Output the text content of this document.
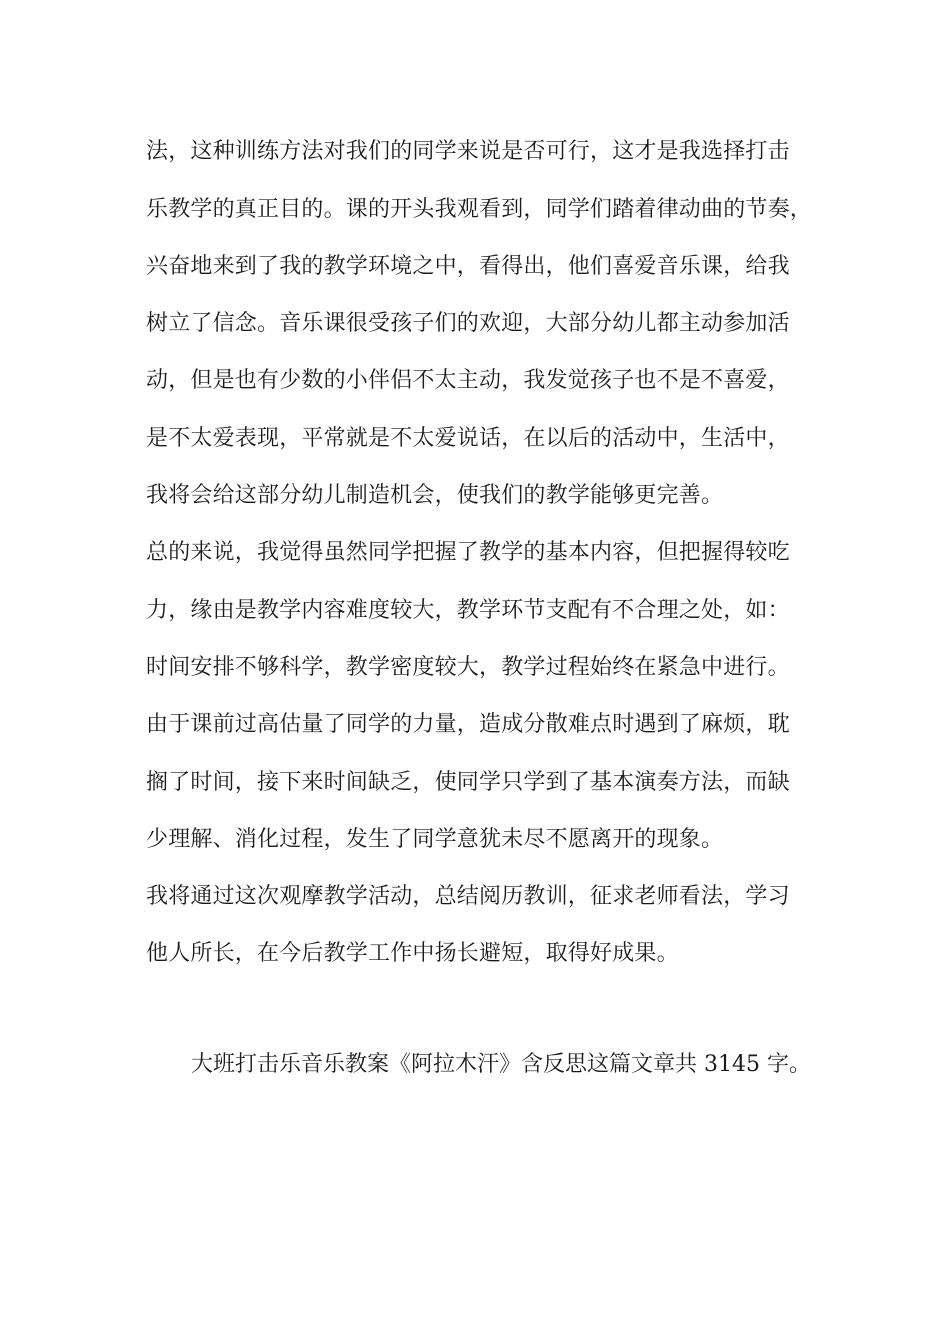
法，这种训练方法对我们的同学来说是否可行，这才是我选择打击
乐教学的真正目的。课的开头我观看到，同学们踏着律动曲的节奏，
兴奋地来到了我的教学环境之中，看得出，他们喜爱音乐课，给我
树立了信念。音乐课很受孩子们的欢迎，大部分幼儿都主动参加活
动，但是也有少数的小伴侣不太主动，我发觉孩子也不是不喜爱，
是不太爱表现，平常就是不太爱说话，在以后的活动中，生活中，
我将会给这部分幼儿制造机会，使我们的教学能够更完善。
总的来说，我觉得虽然同学把握了教学的基本内容，但把握得较吃
力，缘由是教学内容难度较大，教学环节支配有不合理之处，如：
时间安排不够科学，教学密度较大，教学过程始终在紧急中进行。
由于课前过高估量了同学的力量，造成分散难点时遇到了麻烦，耽
搁了时间，接下来时间缺乏，使同学只学到了基本演奏方法，而缺
少理解、消化过程，发生了同学意犹未尽不愿离开的现象。
我将通过这次观摩教学活动，总结阅历教训，征求老师看法，学习
他人所长，在今后教学工作中扬长避短，取得好成果。
大班打击乐音乐教案《阿拉木汗》含反思这篇文章共 3145 字。
